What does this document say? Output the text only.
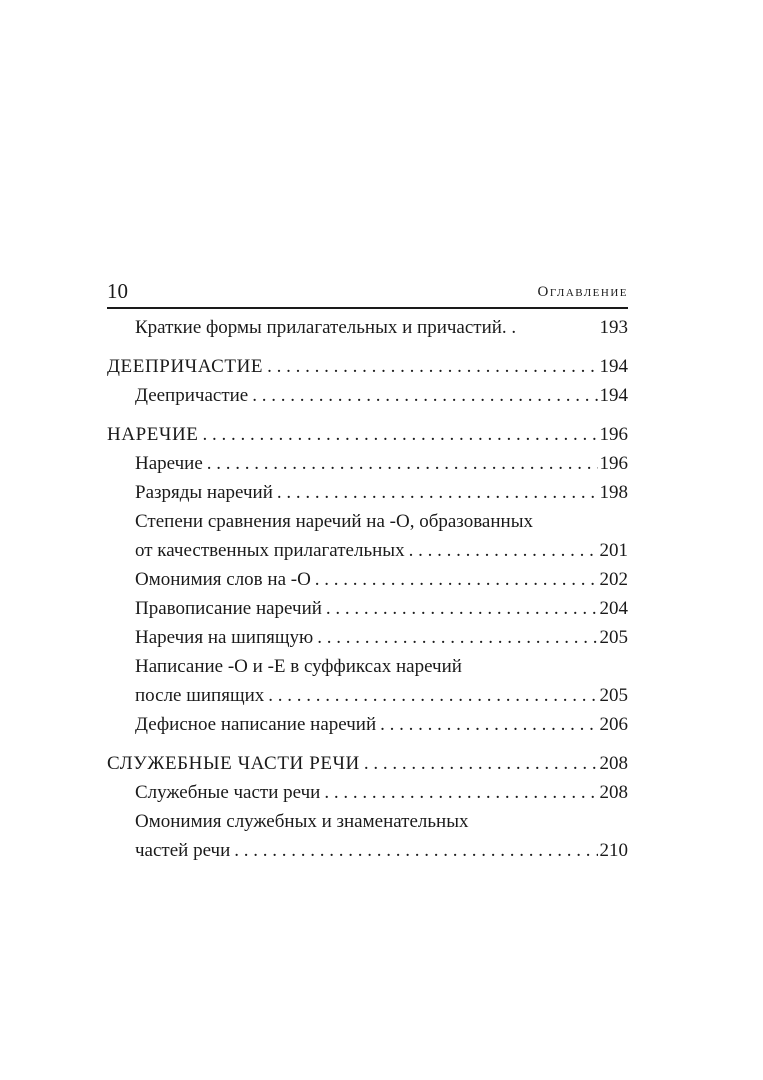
10	Оглавление
Краткие формы прилагательных и причастий. .	193
ДЕЕПРИЧАСТИЕ . . .	194
Деепричастие . . .	194
НАРЕЧИЕ . . .	196
Наречие . . .	196
Разряды наречий . . .	198
Степени сравнения наречий на -О, образованных
от качественных прилагательных . . .	201
Омонимия слов на -О . . .	202
Правописание наречий . . .	204
Наречия на шипящую . . .	205
Написание -О и -Е в суффиксах наречий
после шипящих . . .	205
Дефисное написание наречий . . .	206
СЛУЖЕБНЫЕ ЧАСТИ РЕЧИ . . .	208
Служебные части речи . . .	208
Омонимия служебных и знаменательных
частей речи . . .	210
